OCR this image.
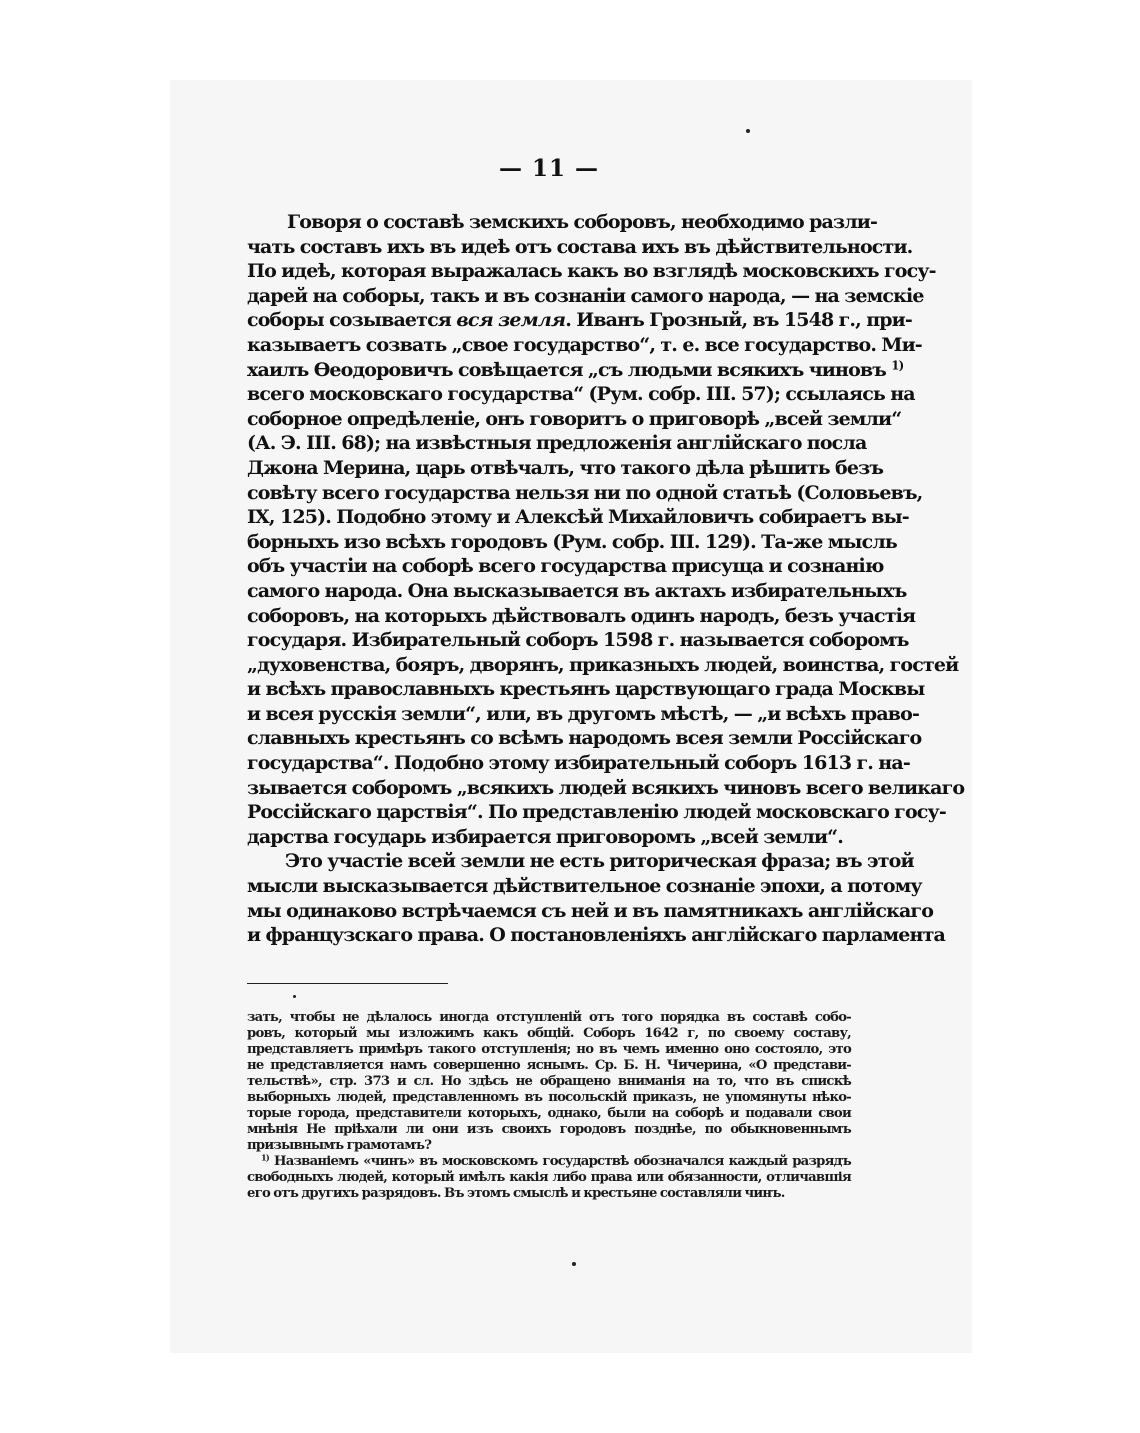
— 11 —
Говоря о составѣ земскихъ соборовъ, необходимо разли-
чать составъ ихъ въ идеѣ отъ состава ихъ въ дѣйствительности.
По идеѣ, которая выражалась какъ во взглядѣ московскихъ госу-
дарей на соборы, такъ и въ сознаніи самого народа, — на земскіе
соборы созывается вся земля. Иванъ Грозный, въ 1548 г., при-
казываетъ созвать „свое государство“, т. е. все государство. Ми-
хаилъ Ѳеодоровичъ совѣщается „съ людьми всякихъ чиновъ $^{1)}$
всего московскаго государства“ (Рум. собр. III. 57); ссылаясь на
соборное опредѣленіе, онъ говоритъ о приговорѣ „всей земли“
(А. Э. III. 68); на извѣстныя предложенія англійскаго посла
Джона Мерина, царь отвѣчалъ, что такого дѣла рѣшить безъ
совѣту всего государства нельзя ни по одной статьѣ (Соловьевъ,
IX, 125). Подобно этому и Алексѣй Михайловичъ собираетъ вы-
борныхъ изо всѣхъ городовъ (Рум. собр. III. 129). Та-же мысль
объ участіи на соборѣ всего государства присуща и сознанію
самого народа. Она высказывается въ актахъ избирательныхъ
соборовъ, на которыхъ дѣйствовалъ одинъ народъ, безъ участія
государя. Избирательный соборъ 1598 г. называется соборомъ
„духовенства, бояръ, дворянъ, приказныхъ людей, воинства, гостей
и всѣхъ православныхъ крестьянъ царствующаго града Москвы
и всея русскія земли“, или, въ другомъ мѣстѣ, — „и всѣхъ право-
славныхъ крестьянъ со всѣмъ народомъ всея земли Россійскаго
государства“. Подобно этому избирательный соборъ 1613 г. на-
зывается соборомъ „всякихъ людей всякихъ чиновъ всего великаго
Россійскаго царствія“. По представленію людей московскаго госу-
дарства государь избирается приговоромъ „всей земли“.
Это участіе всей земли не есть риторическая фраза; въ этой
мысли высказывается дѣйствительное сознаніе эпохи, а потому
мы одинаково встрѣчаемся съ ней и въ памятникахъ англійскаго
и французскаго права. О постановленіяхъ англійскаго парламента
зать, чтобы не дѣлалось иногда отступленій отъ того порядка въ составѣ собо-
ровъ, который мы изложимъ какъ общій. Соборъ 1642 г, по своему составу,
представляетъ примѣръ такого отступленія; но въ чемъ именно оно состояло, это
не представляется намъ совершенно яснымъ. Ср. Б. Н. Чичерина, «О представи-
тельствѣ», стр. 373 и сл. Но здѣсь не обращено вниманія на то, что въ спискѣ
выборныхъ людей, представленномъ въ посольскій приказъ, не упомянуты нѣко-
торые города, представители которыхъ, однако, были на соборѣ и подавали свои
мнѣнія Не пріѣхали ли они изъ своихъ городовъ позднѣе, по обыкновеннымъ
призывнымъ грамотамъ?
$^{1)}$ Названіемъ «чинъ» въ московскомъ государствѣ обозначался каждый разрядъ
свободныхъ людей, который имѣлъ какія либо права или обязанности, отличавшія
его отъ другихъ разрядовъ. Въ этомъ смыслѣ и крестьяне составляли чинъ.
